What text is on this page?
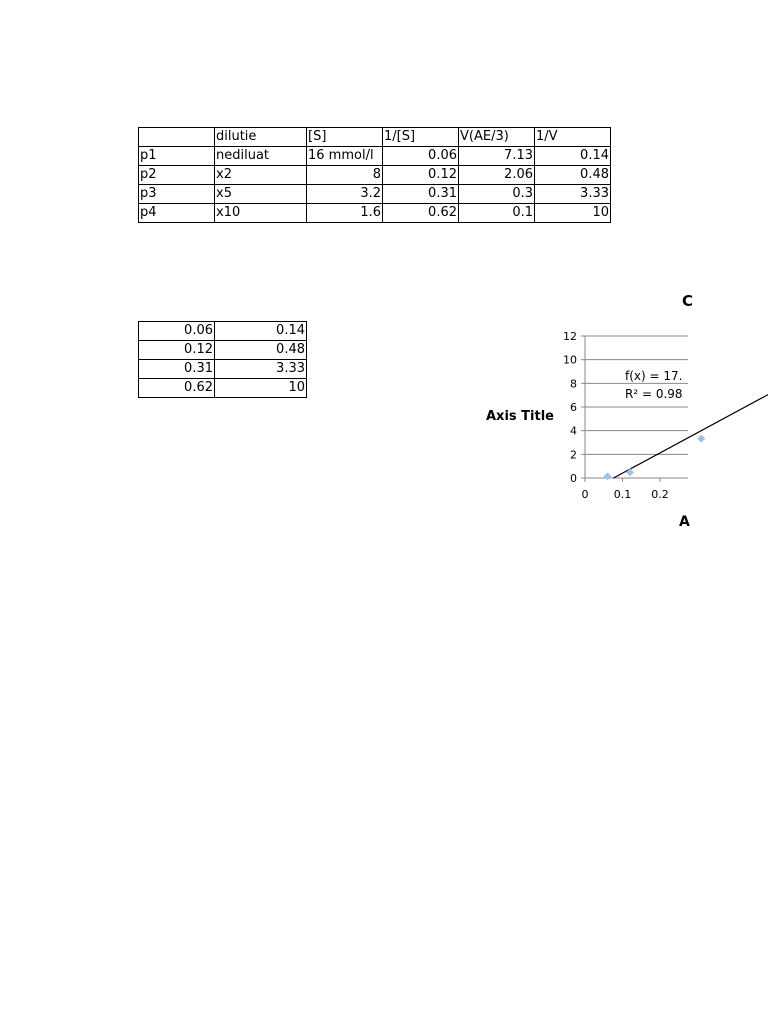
	dilutie	[S]	1/[S]	V(AE/3)	1/V
p1	nediluat	16 mmol/l	0.06	7.13	0.14
p2	x2	8	0.12	2.06	0.48
p3	x5	3.2	0.31	0.3	3.33
p4	x10	1.6	0.62	0.1	10
0.06	0.14
0.12	0.48
0.31	3.33
0.62	10
0
2
4
6
8
10
12
0 0.1 0.2
C
Axis Title
f(x) = 17.
R² = 0.98
A
